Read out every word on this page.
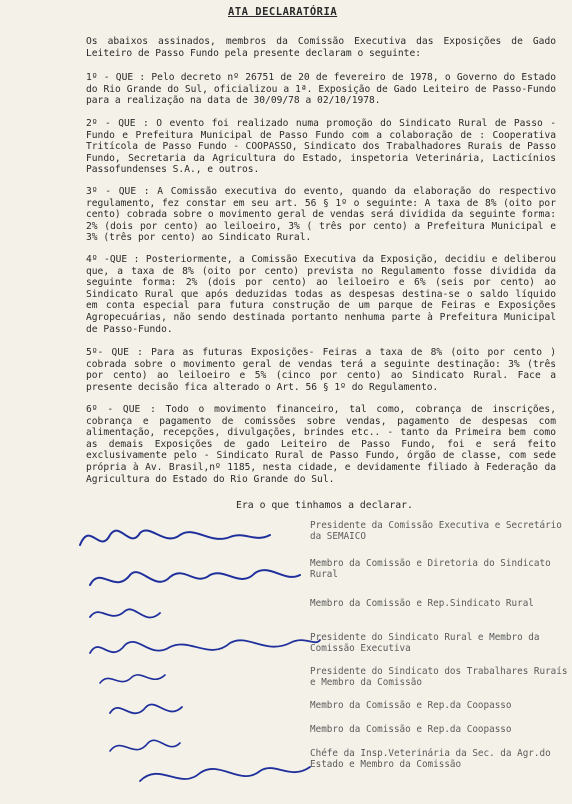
ATA DECLARATÓRIA
Os abaixos assinados, membros da Comissão Executiva das Exposições de Gado Leiteiro de Passo Fundo pela presente declaram o seguinte:
1º - QUE : Pelo decreto nº 26751 de 20 de fevereiro de 1978, o Governo do Estado do Rio Grande do Sul, oficializou a 1ª. Exposição de Gado Leiteiro de Passo-Fundo para a realização na data de 30/09/78 a 02/10/1978.
2º - QUE : O evento foi realizado numa promoção do Sindicato Rural de Passo - Fundo e Prefeitura Municipal de Passo Fundo com a colaboração de : Cooperativa Tritícola de Passo Fundo - COOPASSO, Sindicato dos Trabalhadores Rurais de Passo Fundo, Secretaria da Agricultura do Estado, inspetoria Veterinária, Lacticínios Passofundenses S.A., e outros.
3º - QUE : A Comissão executiva do evento, quando da elaboração do respectivo regulamento, fez constar em seu art. 56 § 1º o seguinte: A taxa de 8% (oito por cento) cobrada sobre o movimento geral de vendas será dividida da seguinte forma: 2% (dois por cento) ao leiloeiro, 3% ( três por cento) a Prefeitura Municipal e 3% (três por cento) ao Sindicato Rural.
4º -QUE : Posteriormente, a Comissão Executiva da Exposição, decidiu e deliberou que, a taxa de 8% (oito por cento) prevista no Regulamento fosse dividida da seguinte forma: 2% (dois por cento) ao leiloeiro e 6% (seis por cento) ao Sindicato Rural que após deduzidas todas as despesas destina-se o saldo líquido em conta especial para futura construção de um parque de Feiras e Exposições Agropecuárias, não sendo destinada portanto nenhuma parte à Prefeitura Municipal de Passo-Fundo.
5º- QUE : Para as futuras Exposições- Feiras a taxa de 8% (oito por cento ) cobrada sobre o movimento geral de vendas terá a seguinte destinação: 3% (três por cento) ao leiloeiro e 5% (cinco por cento) ao Sindicato Rural. Face a presente decisão fica alterado o Art. 56 § 1º do Regulamento.
6º - QUE : Todo o movimento financeiro, tal como, cobrança de inscrições, cobrança e pagamento de comissões sobre vendas, pagamento de despesas com alimentação, recepções, divulgações, brindes etc.. - tanto da Primeira bem como as demais Exposições de gado Leiteiro de Passo Fundo, foi e será feito exclusivamente pelo - Sindicato Rural de Passo Fundo, órgão de classe, com sede própria à Av. Brasil,nº 1185, nesta cidade, e devidamente filiado à Federação da Agricultura do Estado do Rio Grande do Sul.
Era o que tinhamos a declarar.
Presidente da Comissão Executiva e Secretário da SEMAICO
Membro da Comissão e Diretoria do Sindicato Rural
Membro da Comissão e Rep.Sindicato Rural
Presidente do Sindicato Rural e Membro da Comissão Executiva
Presidente do Sindicato dos Trabalhares Ruraís e Membro da Comissão
Membro da Comissão e Rep.da Coopasso
Membro da Comissão e Rep.da Coopasso
Chéfe da Insp.Veterinária da Sec. da Agr.do Estado e Membro da Comissão
